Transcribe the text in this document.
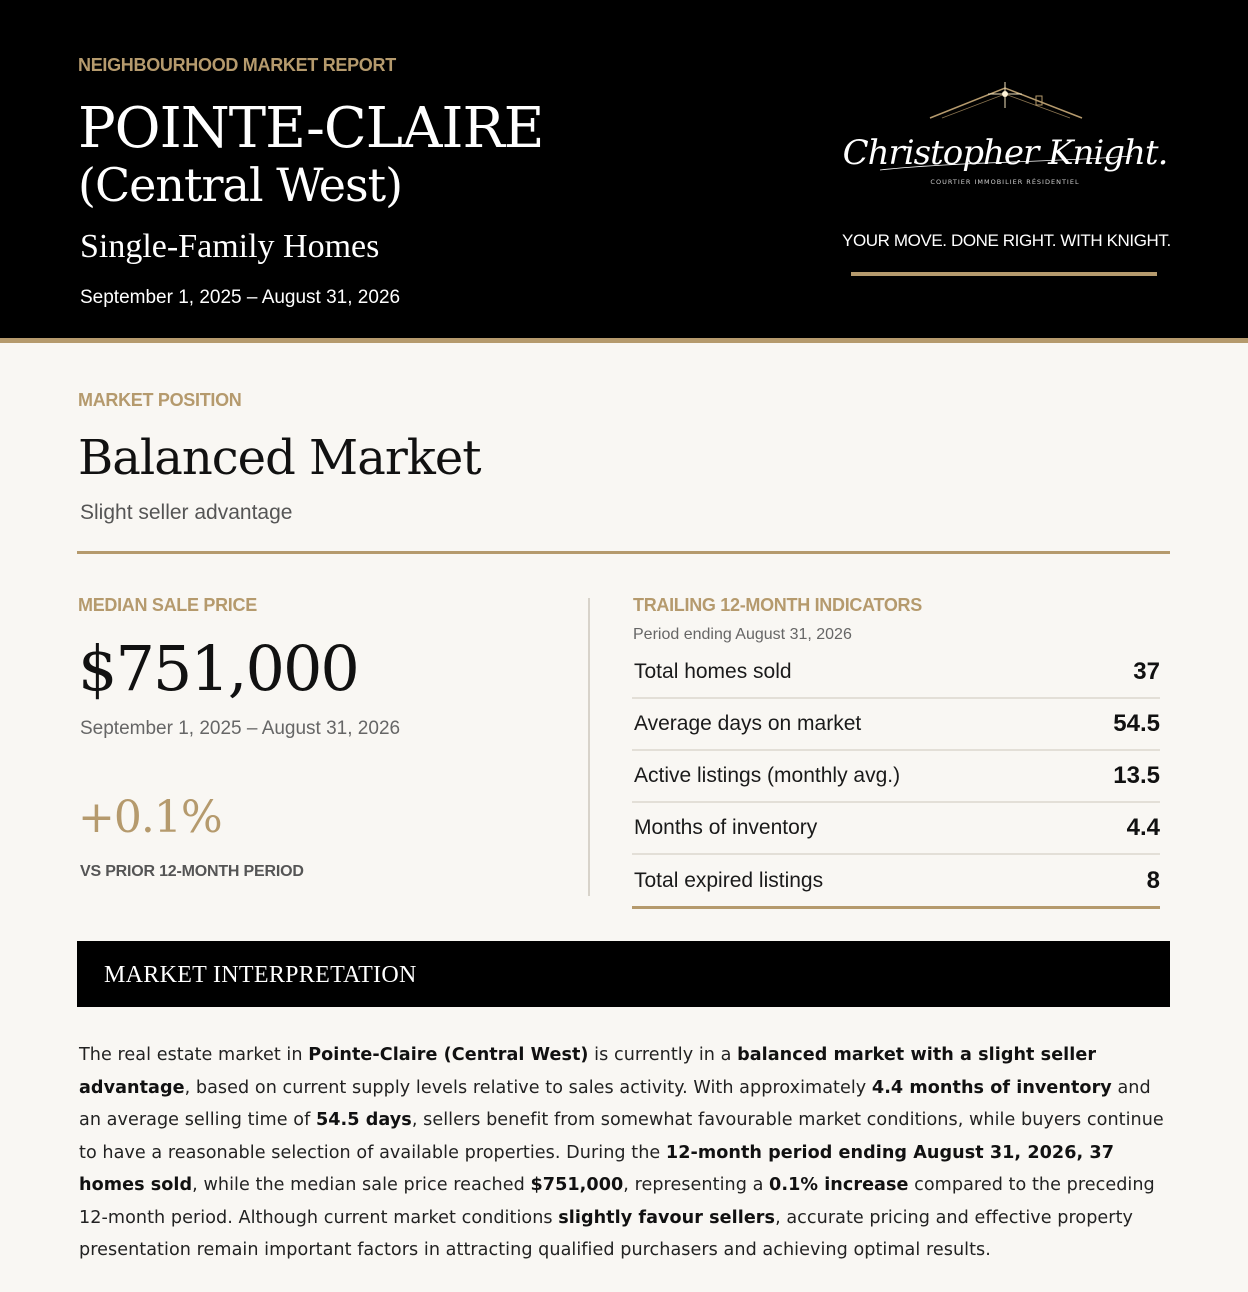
NEIGHBOURHOOD MARKET REPORT
POINTE-CLAIRE
(Central West)
Single-Family Homes
September 1, 2025 – August 31, 2026
Christopher Knight.
COURTIER IMMOBILIER RÉSIDENTIEL
YOUR MOVE. DONE RIGHT. WITH KNIGHT.
MARKET POSITION
Balanced Market
Slight seller advantage
MEDIAN SALE PRICE
$751,000
September 1, 2025 – August 31, 2026
+0.1%
VS PRIOR 12-MONTH PERIOD
TRAILING 12-MONTH INDICATORS
Period ending August 31, 2026
Total homes sold	37
Average days on market	54.5
Active listings (monthly avg.)	13.5
Months of inventory	4.4
Total expired listings	8
MARKET INTERPRETATION
The real estate market in Pointe-Claire (Central West) is currently in a balanced market with a slight seller advantage, based on current supply levels relative to sales activity. With approximately 4.4 months of inventory and an average selling time of 54.5 days, sellers benefit from somewhat favourable market conditions, while buyers continue to have a reasonable selection of available properties. During the 12-month period ending August 31, 2026, 37 homes sold, while the median sale price reached $751,000, representing a 0.1% increase compared to the preceding 12-month period. Although current market conditions slightly favour sellers, accurate pricing and effective property presentation remain important factors in attracting qualified purchasers and achieving optimal results.
